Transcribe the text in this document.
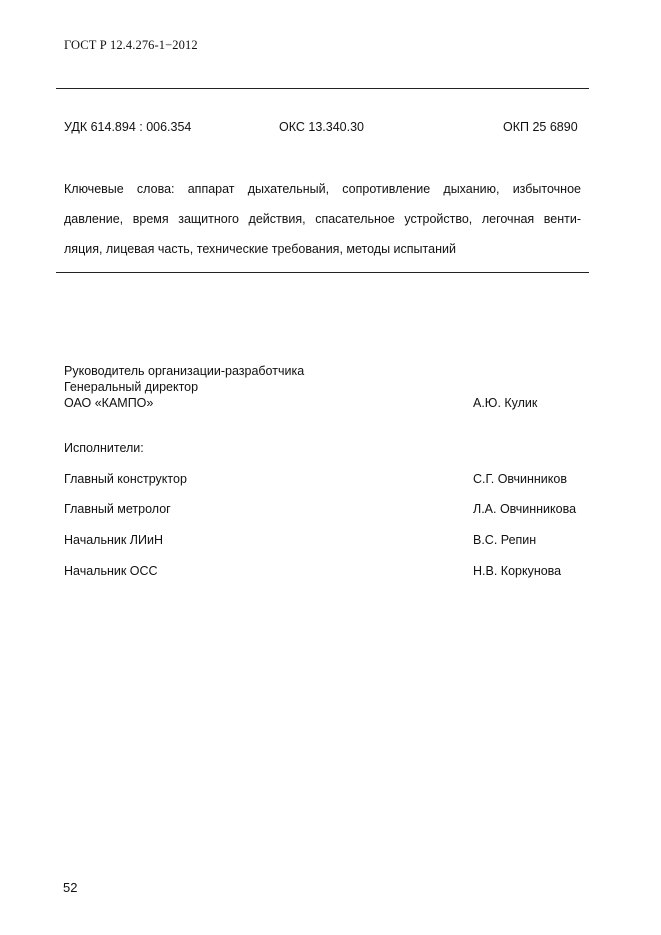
ГОСТ Р 12.4.276-1−2012
УДК 614.894 : 006.354	ОКС 13.340.30	ОКП 25 6890
Ключевые слова: аппарат дыхательный, сопротивление дыханию, избыточное
давление, время защитного действия, спасательное устройство, легочная венти-
ляция, лицевая часть, технические требования, методы испытаний
Руководитель организации-разработчика
Генеральный директор
ОАО «КАМПО»	А.Ю. Кулик
Исполнители:
Главный конструктор	С.Г. Овчинников
Главный метролог	Л.А. Овчинникова
Начальник ЛИиН	В.С. Репин
Начальник ОСС	Н.В. Коркунова
52
